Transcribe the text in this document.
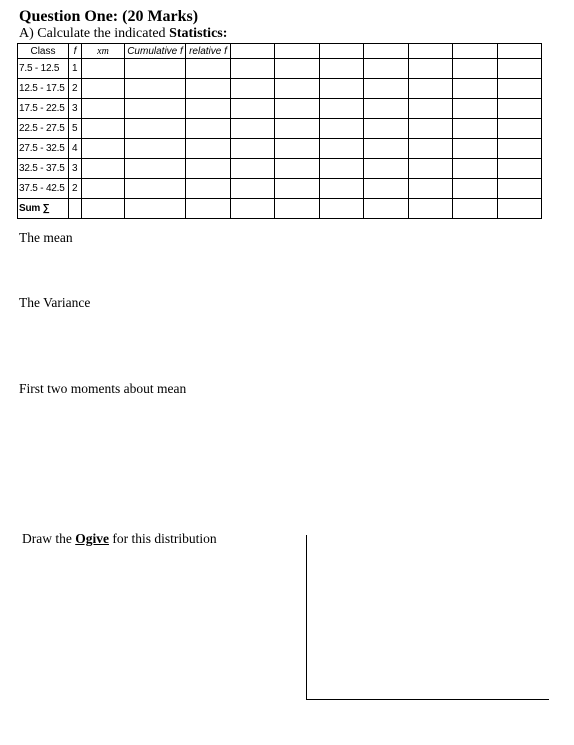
Question One: (20 Marks)
A) Calculate the indicated Statistics:
Class	f	xm	Cumulative f	relative f							
7.5 - 12.5	1										
12.5 - 17.5	2										
17.5 - 22.5	3										
22.5 - 27.5	5										
27.5 - 32.5	4										
32.5 - 37.5	3										
37.5 - 42.5	2										
Sum ∑											
The mean
The Variance
First two moments about mean
Draw the Ogive for this distribution
